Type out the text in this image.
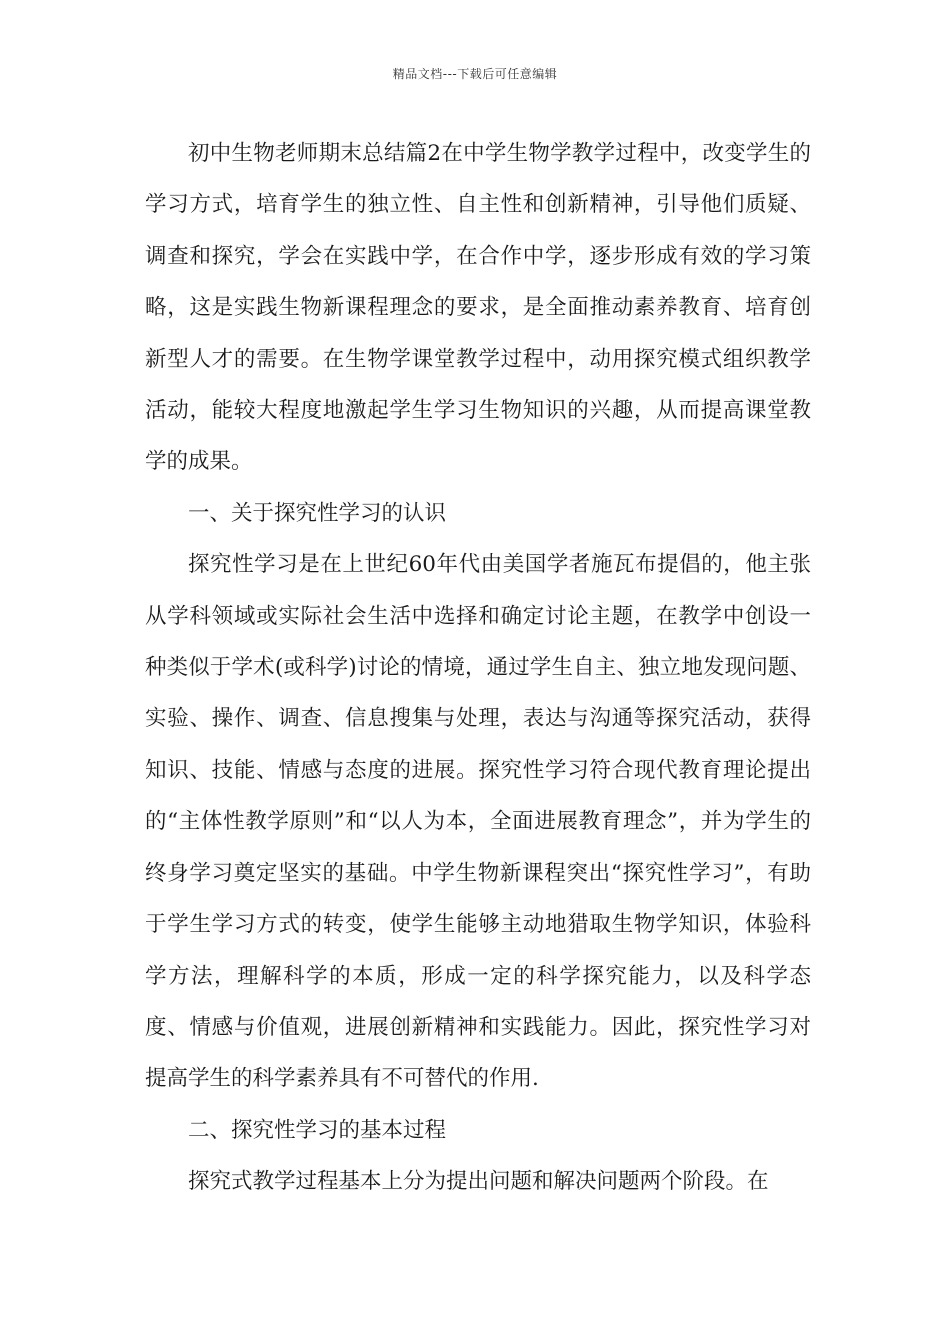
精品文档---下载后可任意编辑

初中生物老师期末总结篇2在中学生物学教学过程中，改变学生的学习方式，培育学生的独立性、自主性和创新精神，引导他们质疑、调查和探究，学会在实践中学，在合作中学，逐步形成有效的学习策略，这是实践生物新课程理念的要求，是全面推动素养教育、培育创新型人才的需要。在生物学课堂教学过程中，动用探究模式组织教学活动，能较大程度地激起学生学习生物知识的兴趣，从而提高课堂教学的成果。

一、关于探究性学习的认识

探究性学习是在上世纪60年代由美国学者施瓦布提倡的，他主张从学科领域或实际社会生活中选择和确定讨论主题，在教学中创设一种类似于学术(或科学)讨论的情境，通过学生自主、独立地发现问题、实验、操作、调查、信息搜集与处理，表达与沟通等探究活动，获得知识、技能、情感与态度的进展。探究性学习符合现代教育理论提出的“主体性教学原则”和“以人为本，全面进展教育理念”，并为学生的终身学习奠定坚实的基础。中学生物新课程突出“探究性学习”，有助于学生学习方式的转变，使学生能够主动地猎取生物学知识，体验科学方法，理解科学的本质，形成一定的科学探究能力，以及科学态度、情感与价值观，进展创新精神和实践能力。因此，探究性学习对提高学生的科学素养具有不可替代的作用.

二、探究性学习的基本过程

探究式教学过程基本上分为提出问题和解决问题两个阶段。在
